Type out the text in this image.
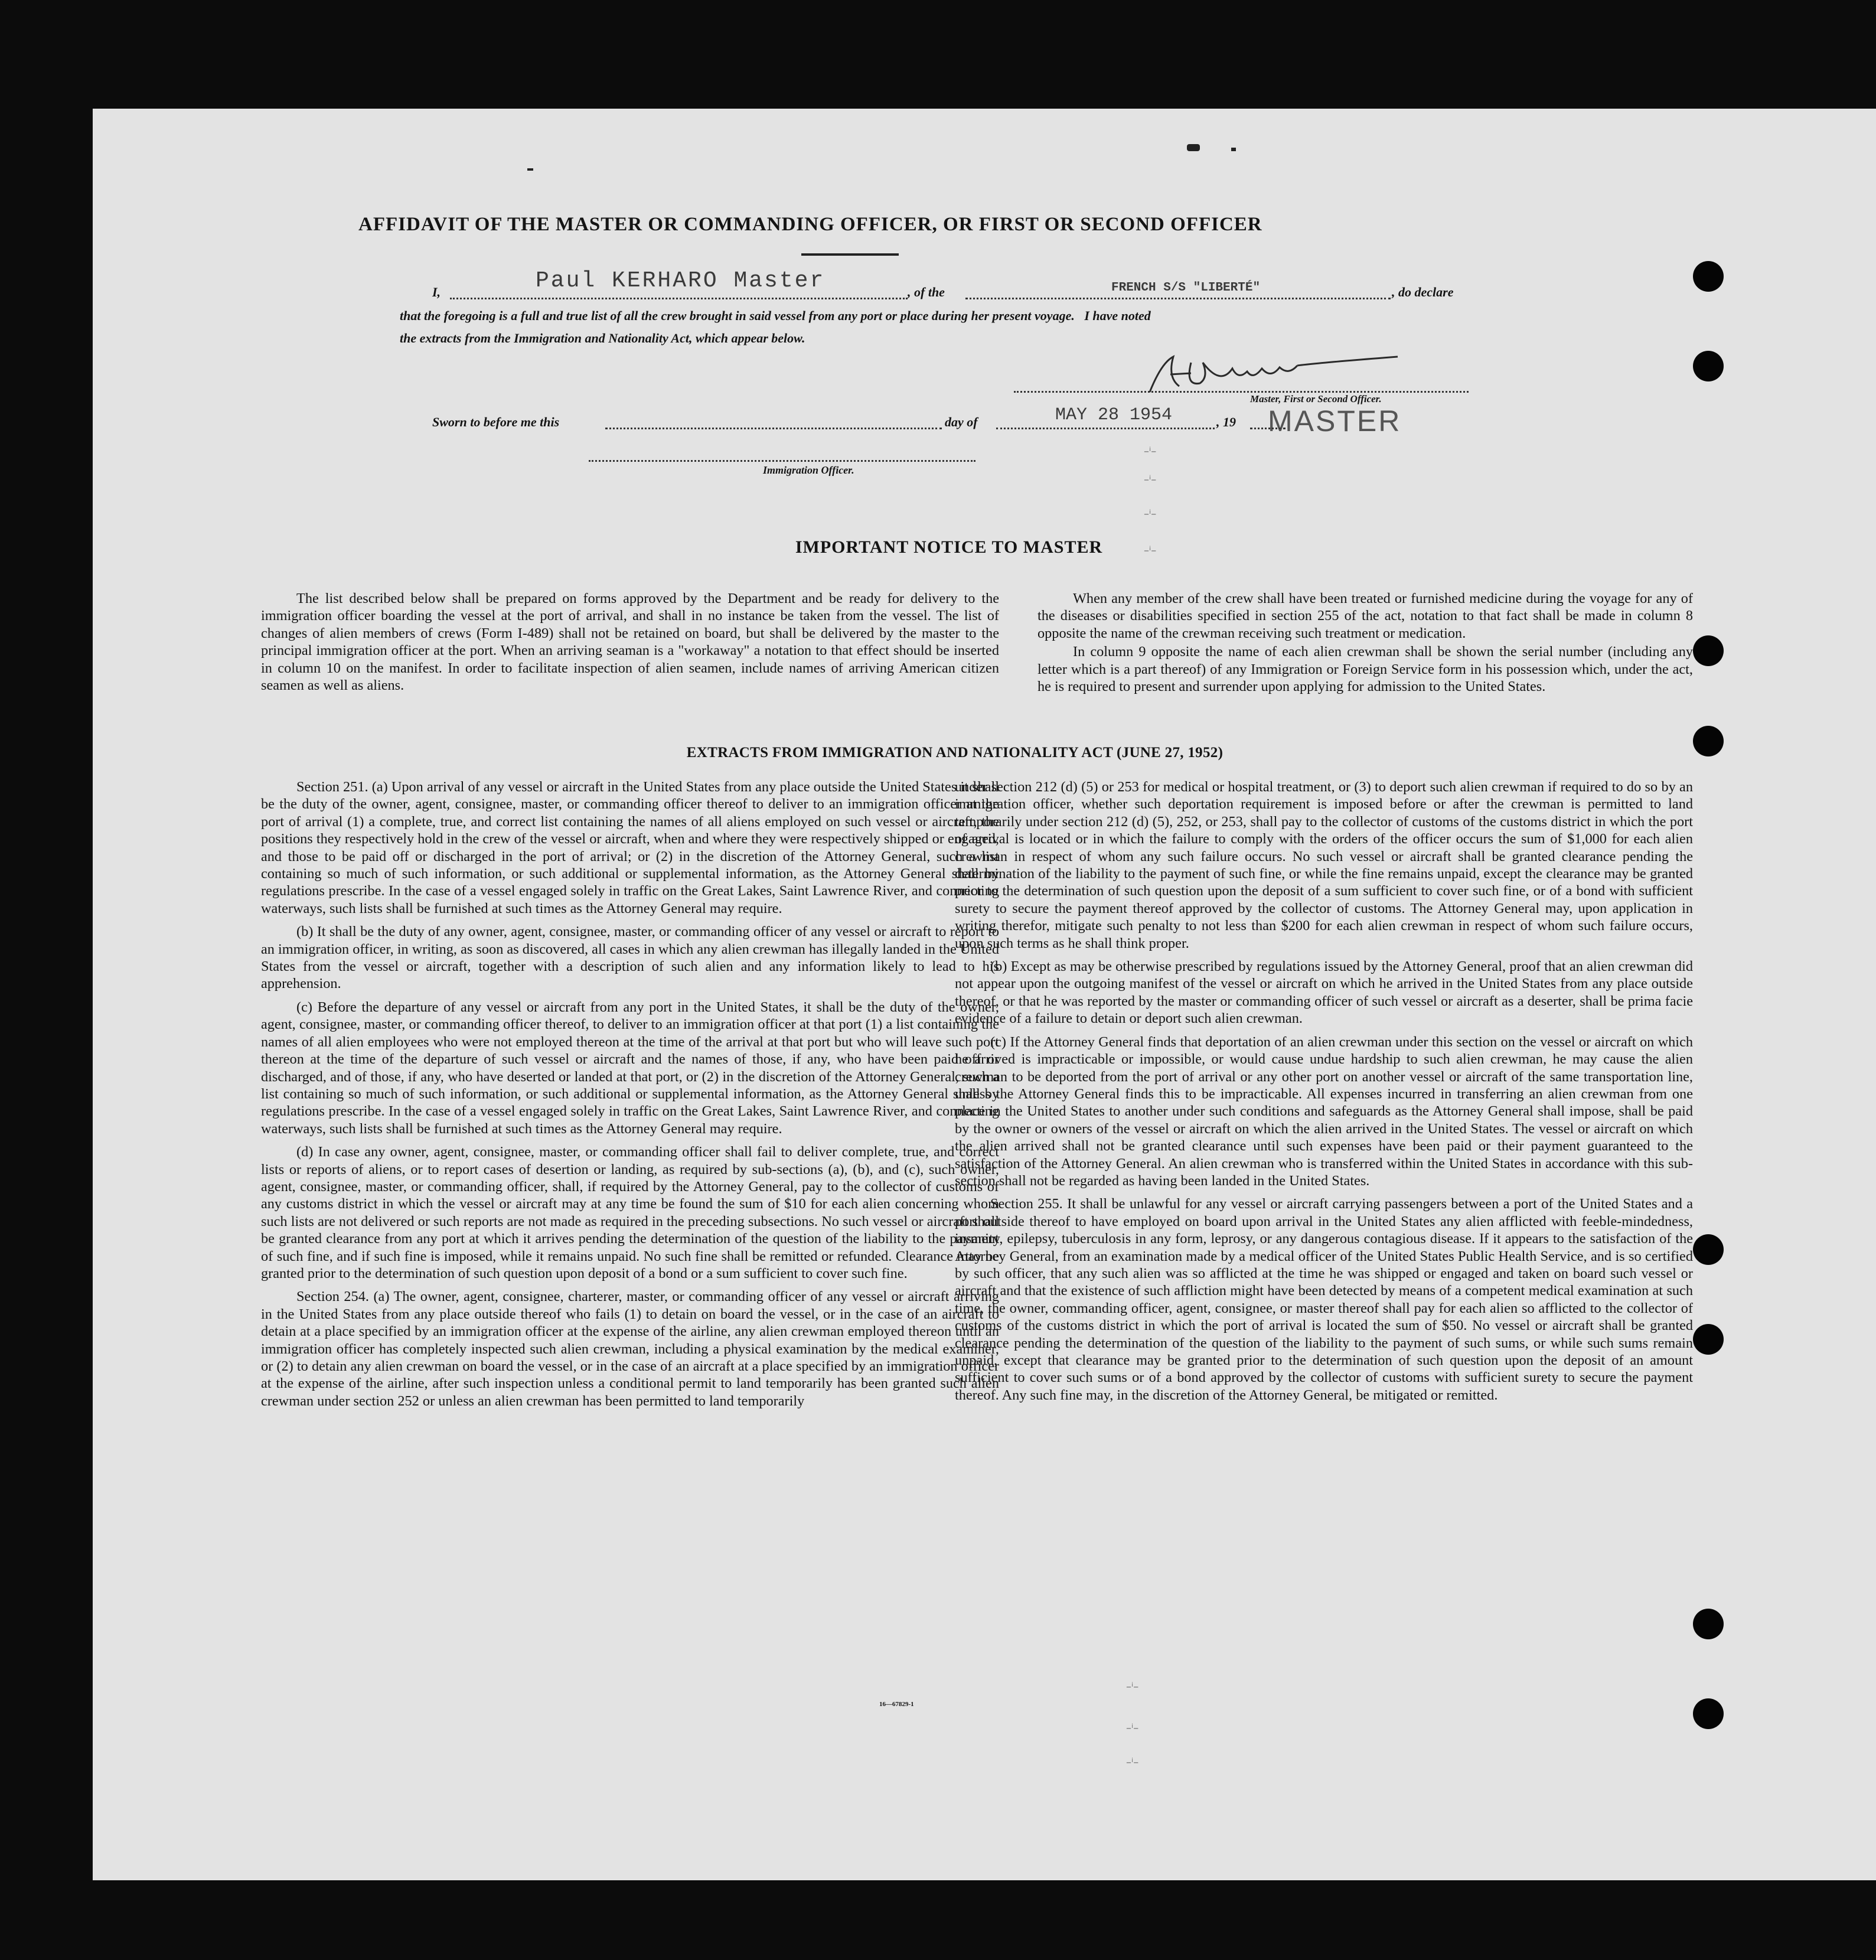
AFFIDAVIT OF THE MASTER OR COMMANDING OFFICER, OR FIRST OR SECOND OFFICER
I,	Paul KERHARO Master	, of the	FRENCH S/S "LIBERTÉ"	, do declare
that the foregoing is a full and true list of all the crew brought in said vessel from any port or place during her present voyage.   I have noted
the extracts from the Immigration and Nationality Act, which appear below.
Master, First or Second Officer.
MASTER
Sworn to before me this	day of	MAY 28 1954	, 19
Immigration Officer.
–ⁱ–
–ⁱ–
–ⁱ–
–ⁱ–
IMPORTANT NOTICE TO MASTER

The list described below shall be prepared on forms approved by the Department and be ready for delivery to the immigration officer boarding the vessel at the port of arrival, and shall in no instance be taken from the vessel. The list of changes of alien members of crews (Form I-489) shall not be retained on board, but shall be delivered by the master to the principal immigration officer at the port. When an arriving seaman is a "workaway" a notation to that effect should be inserted in column 10 on the manifest. In order to facilitate inspection of alien seamen, include names of arriving American citizen seamen as well as aliens.

When any member of the crew shall have been treated or furnished medicine during the voyage for any of the diseases or disabilities specified in section 255 of the act, notation to that fact shall be made in column 8 opposite the name of the crewman receiving such treatment or medication.

In column 9 opposite the name of each alien crewman shall be shown the serial number (including any letter which is a part thereof) of any Immigration or Foreign Service form in his possession which, under the act, he is required to present and surrender upon applying for admission to the United States.

EXTRACTS FROM IMMIGRATION AND NATIONALITY ACT (JUNE 27, 1952)

Section 251. (a) Upon arrival of any vessel or aircraft in the United States from any place outside the United States it shall be the duty of the owner, agent, consignee, master, or commanding officer thereof to deliver to an immigration officer at the port of arrival (1) a complete, true, and correct list containing the names of all aliens employed on such vessel or aircraft, the positions they respectively hold in the crew of the vessel or aircraft, when and where they were respectively shipped or engaged, and those to be paid off or discharged in the port of arrival; or (2) in the discretion of the Attorney General, such a list containing so much of such information, or such additional or supplemental information, as the Attorney General shall by regulations prescribe. In the case of a vessel engaged solely in traffic on the Great Lakes, Saint Lawrence River, and connecting waterways, such lists shall be furnished at such times as the Attorney General may require.

(b) It shall be the duty of any owner, agent, consignee, master, or commanding officer of any vessel or aircraft to report to an immigration officer, in writing, as soon as discovered, all cases in which any alien crewman has illegally landed in the United States from the vessel or aircraft, together with a description of such alien and any information likely to lead to his apprehension.

(c) Before the departure of any vessel or aircraft from any port in the United States, it shall be the duty of the owner, agent, consignee, master, or commanding officer thereof, to deliver to an immigration officer at that port (1) a list containing the names of all alien employees who were not employed thereon at the time of the arrival at that port but who will leave such port thereon at the time of the departure of such vessel or aircraft and the names of those, if any, who have been paid off or discharged, and of those, if any, who have deserted or landed at that port, or (2) in the discretion of the Attorney General, such a list containing so much of such information, or such additional or supplemental information, as the Attorney General shall by regulations prescribe. In the case of a vessel engaged solely in traffic on the Great Lakes, Saint Lawrence River, and connecting waterways, such lists shall be furnished at such times as the Attorney General may require.

(d) In case any owner, agent, consignee, master, or commanding officer shall fail to deliver complete, true, and correct lists or reports of aliens, or to report cases of desertion or landing, as required by sub-sections (a), (b), and (c), such owner, agent, consignee, master, or commanding officer, shall, if required by the Attorney General, pay to the collector of customs of any customs district in which the vessel or aircraft may at any time be found the sum of $10 for each alien concerning whom such lists are not delivered or such reports are not made as required in the preceding subsections. No such vessel or aircraft shall be granted clearance from any port at which it arrives pending the determination of the question of the liability to the payment of such fine, and if such fine is imposed, while it remains unpaid. No such fine shall be remitted or refunded. Clearance may be granted prior to the determination of such question upon deposit of a bond or a sum sufficient to cover such fine.

Section 254. (a) The owner, agent, consignee, charterer, master, or commanding officer of any vessel or aircraft arriving in the United States from any place outside thereof who fails (1) to detain on board the vessel, or in the case of an aircraft to detain at a place specified by an immigration officer at the expense of the airline, any alien crewman employed thereon until an immigration officer has completely inspected such alien crewman, including a physical examination by the medical examiner, or (2) to detain any alien crewman on board the vessel, or in the case of an aircraft at a place specified by an immigration officer at the expense of the airline, after such inspection unless a conditional permit to land temporarily has been granted such alien crewman under section 252 or unless an alien crewman has been permitted to land temporarily

under section 212 (d) (5) or 253 for medical or hospital treatment, or (3) to deport such alien crewman if required to do so by an immigration officer, whether such deportation requirement is imposed before or after the crewman is permitted to land temporarily under section 212 (d) (5), 252, or 253, shall pay to the collector of customs of the customs district in which the port of arrival is located or in which the failure to comply with the orders of the officer occurs the sum of $1,000 for each alien crewman in respect of whom any such failure occurs. No such vessel or aircraft shall be granted clearance pending the determination of the liability to the payment of such fine, or while the fine remains unpaid, except the clearance may be granted prior to the determination of such question upon the deposit of a sum sufficient to cover such fine, or of a bond with sufficient surety to secure the payment thereof approved by the collector of customs. The Attorney General may, upon application in writing therefor, mitigate such penalty to not less than $200 for each alien crewman in respect of whom such failure occurs, upon such terms as he shall think proper.

(b) Except as may be otherwise prescribed by regulations issued by the Attorney General, proof that an alien crewman did not appear upon the outgoing manifest of the vessel or aircraft on which he arrived in the United States from any place outside thereof, or that he was reported by the master or commanding officer of such vessel or aircraft as a deserter, shall be prima facie evidence of a failure to detain or deport such alien crewman.

(c) If the Attorney General finds that deportation of an alien crewman under this section on the vessel or aircraft on which he arrived is impracticable or impossible, or would cause undue hardship to such alien crewman, he may cause the alien crewman to be deported from the port of arrival or any other port on another vessel or aircraft of the same transportation line, unless the Attorney General finds this to be impracticable. All expenses incurred in transferring an alien crewman from one place in the United States to another under such conditions and safeguards as the Attorney General shall impose, shall be paid by the owner or owners of the vessel or aircraft on which the alien arrived in the United States. The vessel or aircraft on which the alien arrived shall not be granted clearance until such expenses have been paid or their payment guaranteed to the satisfaction of the Attorney General. An alien crewman who is transferred within the United States in accordance with this sub-section shall not be regarded as having been landed in the United States.

Section 255. It shall be unlawful for any vessel or aircraft carrying passengers between a port of the United States and a port outside thereof to have employed on board upon arrival in the United States any alien afflicted with feeble-mindedness, insanity, epilepsy, tuberculosis in any form, leprosy, or any dangerous contagious disease. If it appears to the satisfaction of the Attorney General, from an examination made by a medical officer of the United States Public Health Service, and is so certified by such officer, that any such alien was so afflicted at the time he was shipped or engaged and taken on board such vessel or aircraft and that the existence of such affliction might have been detected by means of a competent medical examination at such time, the owner, commanding officer, agent, consignee, or master thereof shall pay for each alien so afflicted to the collector of customs of the customs district in which the port of arrival is located the sum of $50. No vessel or aircraft shall be granted clearance pending the determination of the question of the liability to the payment of such sums, or while such sums remain unpaid, except that clearance may be granted prior to the determination of such question upon the deposit of an amount sufficient to cover such sums or of a bond approved by the collector of customs with sufficient surety to secure the payment thereof. Any such fine may, in the discretion of the Attorney General, be mitigated or remitted.

16—67829-1
–ⁱ–
–ⁱ–
–ⁱ–
